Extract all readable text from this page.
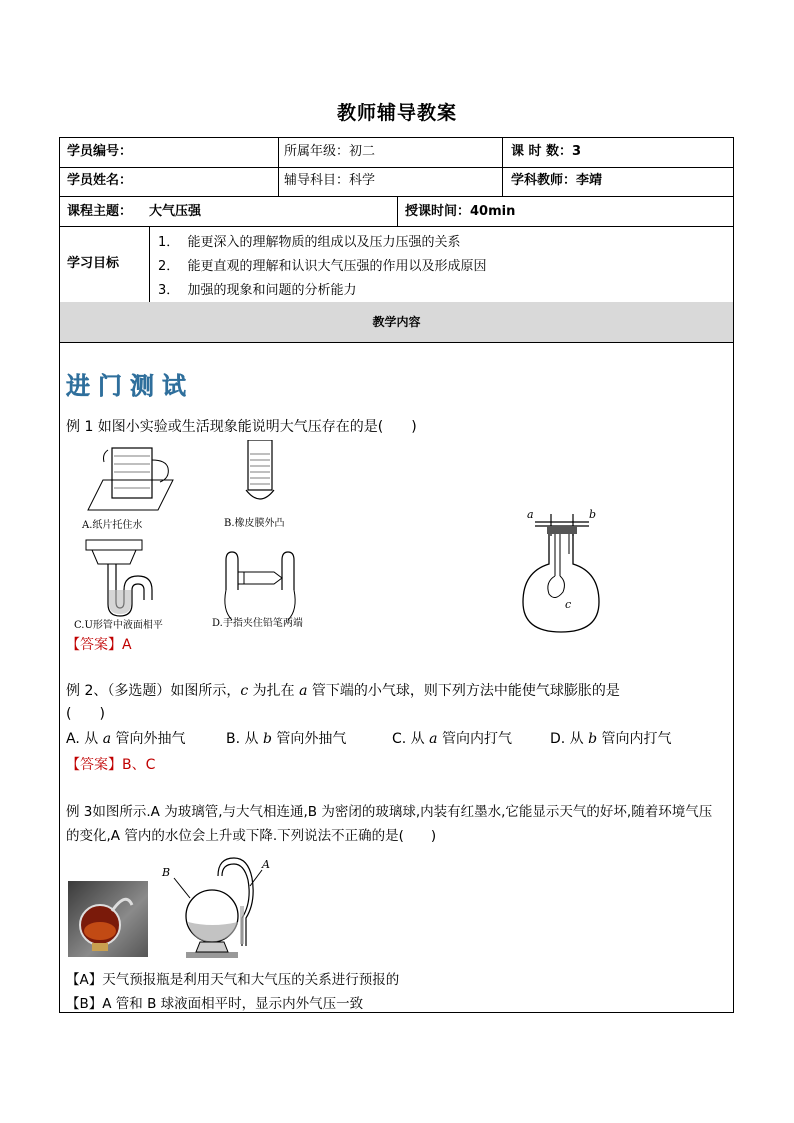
教师辅导教案
学员编号：	所属年级：初二	课 时 数：3
学员姓名：	辅导科目：科学	学科教师：李靖
课程主题： 大气压强	授课时间：40min
学习目标
1． 能更深入的理解物质的组成以及压力压强的关系
2． 能更直观的理解和认识大气压强的作用以及形成原因
3． 加强的现象和问题的分析能力
教学内容
进门测试
例 1 如图小实验或生活现象能说明大气压存在的是(　　)
A.纸片托住水	B.橡皮膜外凸
C.U形管中液面相平	D.手指夹住铅笔两端
a	b
c
【答案】A
例 2、（多选题）如图所示，c 为扎在 a 管下端的小气球，则下列方法中能使气球膨胀的是
(　　)
A. 从 a 管向外抽气	B. 从 b 管向外抽气	C. 从 a 管向内打气	D. 从 b 管向内打气
【答案】B、C
例 3如图所示.A 为玻璃管,与大气相连通,B 为密闭的玻璃球,内装有红墨水,它能显示天气的好坏,随着环境气压
的变化,A 管内的水位会上升或下降.下列说法不正确的是(　　)
B
A
【A】天气预报瓶是利用天气和大气压的关系进行预报的
【B】A 管和 B 球液面相平时，显示内外气压一致
